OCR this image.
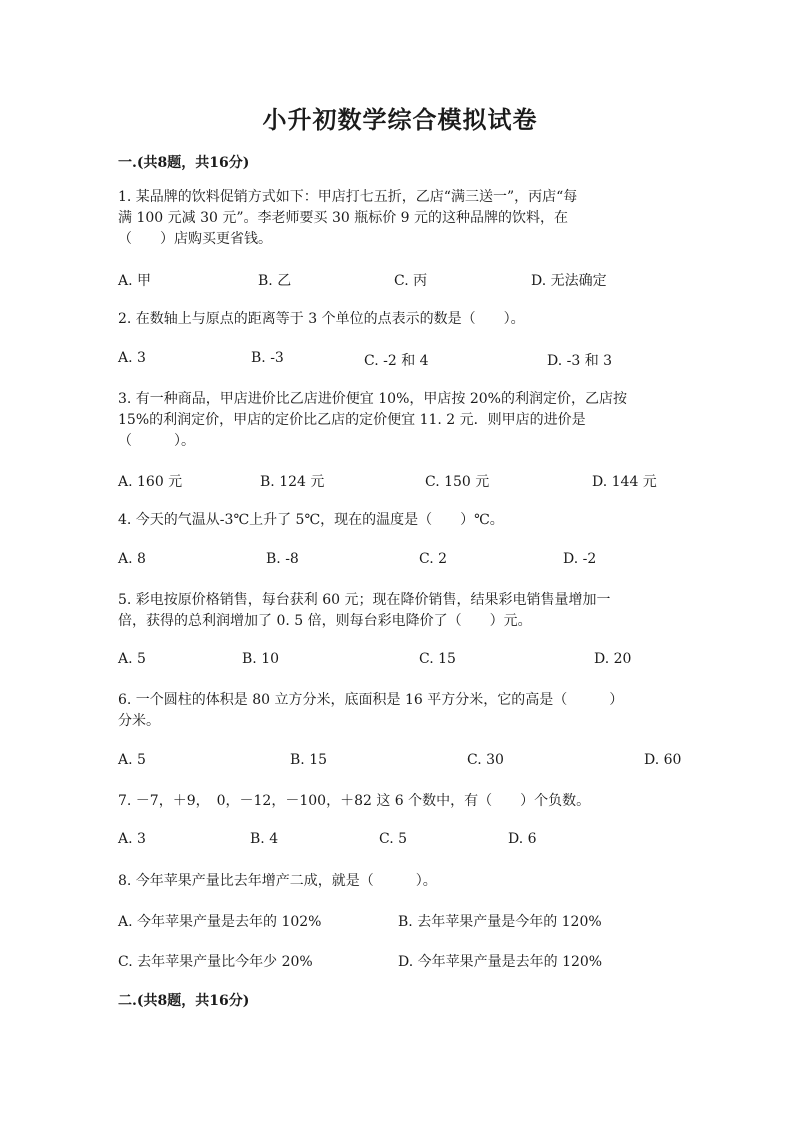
小升初数学综合模拟试卷
一.(共8题，共16分)
1. 某品牌的饮料促销方式如下：甲店打七五折，乙店“满三送一”，丙店“每
满 100 元减 30 元”。李老师要买 30 瓶标价 9 元的这种品牌的饮料，在
（　　）店购买更省钱。
A. 甲	B. 乙	C. 丙	D. 无法确定
2. 在数轴上与原点的距离等于 3 个单位的点表示的数是（　　）。
A. 3	B. -3	C. -2 和 4	D. -3 和 3
3. 有一种商品，甲店进价比乙店进价便宜 10%，甲店按 20%的利润定价，乙店按
15%的利润定价，甲店的定价比乙店的定价便宜 11. 2 元．则甲店的进价是
（　　　）。
A. 160 元	B. 124 元	C. 150 元	D. 144 元
4. 今天的气温从-3℃上升了 5℃，现在的温度是（　　）℃。
A. 8	B. -8	C. 2	D. -2
5. 彩电按原价格销售，每台获利 60 元；现在降价销售，结果彩电销售量增加一
倍，获得的总利润增加了 0. 5 倍，则每台彩电降价了（　　）元。
A. 5	B. 10	C. 15	D. 20
6. 一个圆柱的体积是 80 立方分米，底面积是 16 平方分米，它的高是（　　　）
分米。
A. 5	B. 15	C. 30	D. 60
7. －7，＋9，　0，－12，－100，＋82 这 6 个数中，有（　　）个负数。
A. 3	B. 4	C. 5	D. 6
8. 今年苹果产量比去年增产二成，就是（　　　）。
A. 今年苹果产量是去年的 102%	B. 去年苹果产量是今年的 120%
C. 去年苹果产量比今年少 20%	D. 今年苹果产量是去年的 120%
二.(共8题，共16分)
